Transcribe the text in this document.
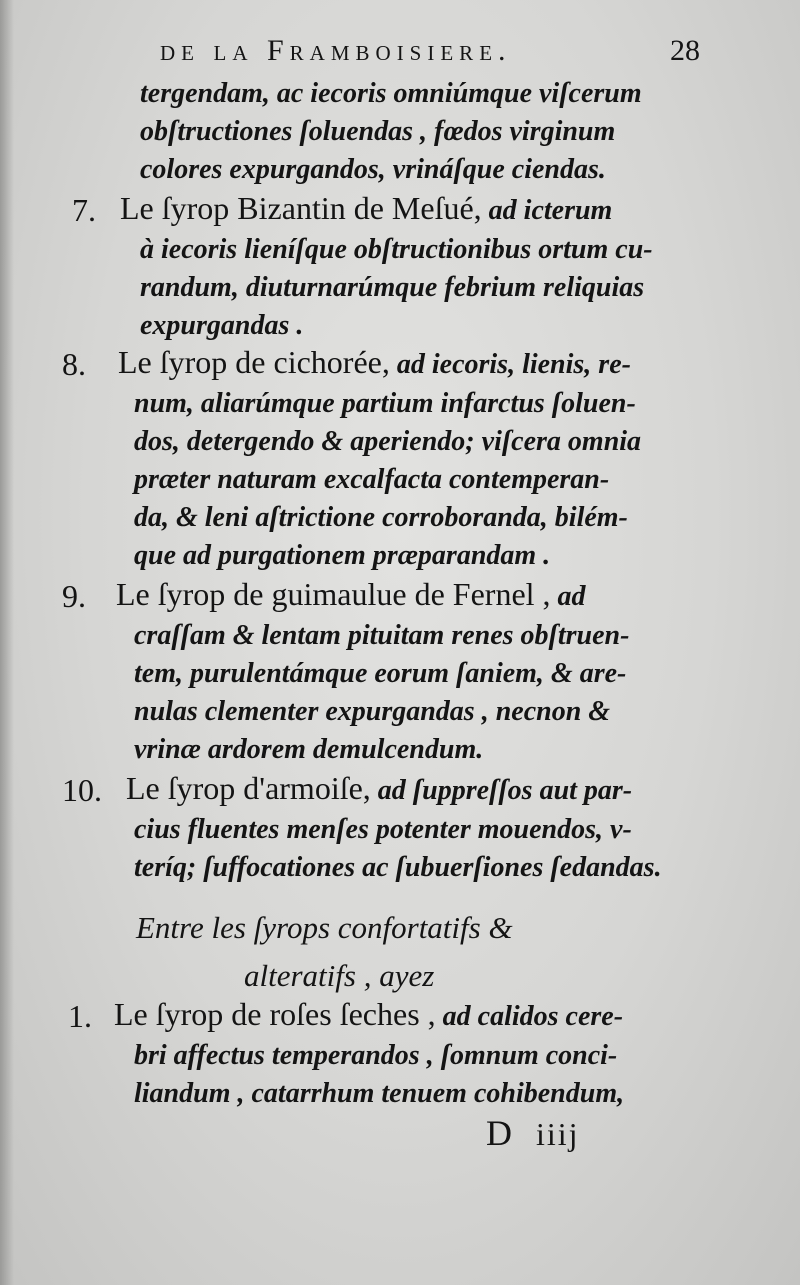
de la Framboisiere.	28
tergendam, ac iecoris omniúmque viſcerum
obſtructiones ſoluendas , fœdos virginum
colores expurgandos, vrináſque ciendas.
7. Le ſyrop Bizantin de Meſué, ad icterum
à iecoris lieníſque obſtructionibus ortum cu-
randum, diuturnarúmque febrium reliquias
expurgandas .
8. Le ſyrop de cichorée, ad iecoris, lienis, re-
num, aliarúmque partium infarctus ſoluen-
dos, detergendo & aperiendo; viſcera omnia
præter naturam excalfacta contemperan-
da, & leni aſtrictione corroboranda, bilém-
que ad purgationem præparandam .
9. Le ſyrop de guimaulue de Fernel , ad
craſſam & lentam pituitam renes obſtruen-
tem, purulentámque eorum ſaniem, & are-
nulas clementer expurgandas , necnon &
vrinæ ardorem demulcendum.
10. Le ſyrop d'armoiſe, ad ſuppreſſos aut par-
cius fluentes menſes potenter mouendos, v-
teríq; ſuffocationes ac ſubuerſiones ſedandas.
Entre les ſyrops confortatifs &
alteratifs , ayez
1. Le ſyrop de roſes ſeches , ad calidos cere-
bri affectus temperandos , ſomnum conci-
liandum , catarrhum tenuem cohibendum,
D iiij
